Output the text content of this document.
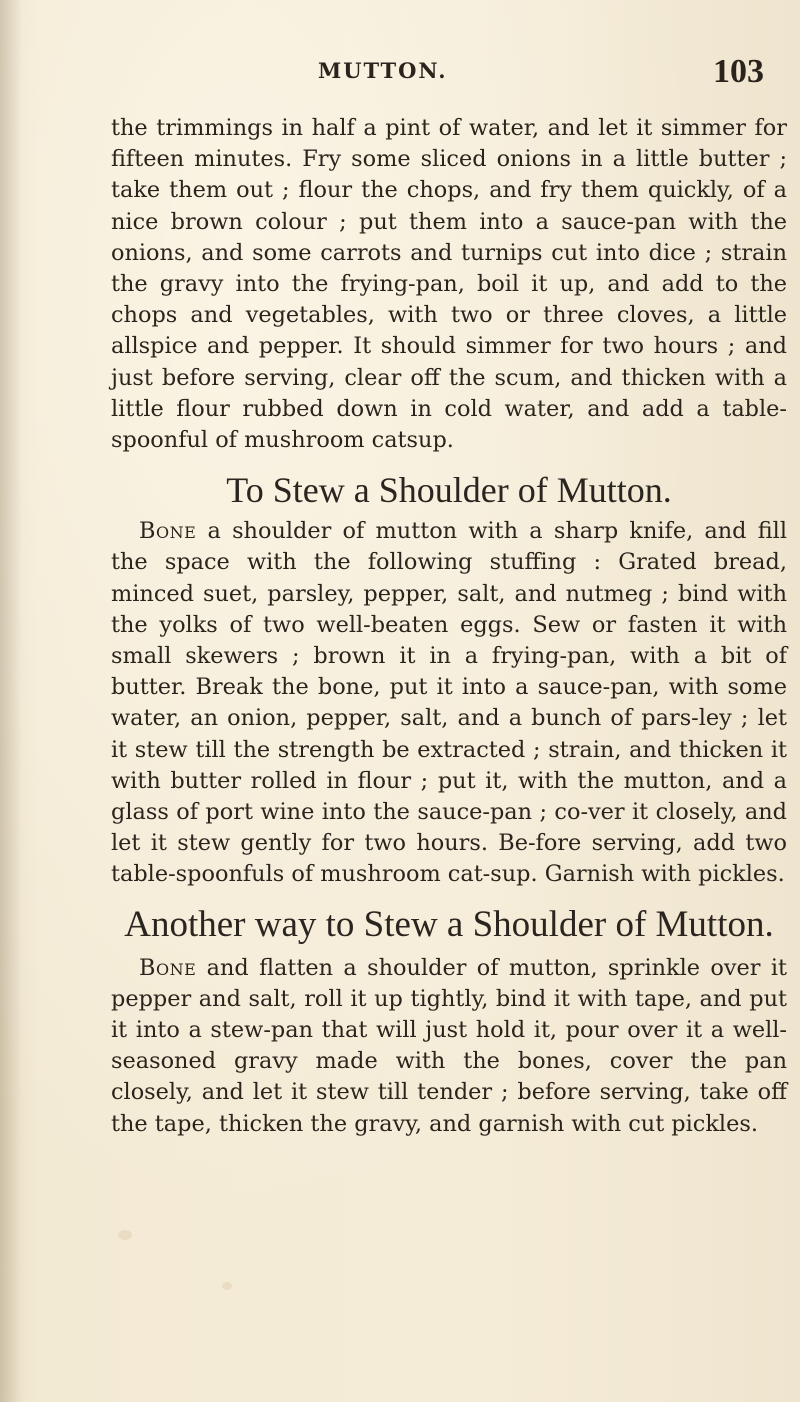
MUTTON.	103

the trimmings in half a pint of water, and let it simmer for fifteen minutes. Fry some sliced onions in a little butter ; take them out ; flour the chops, and fry them quickly, of a nice brown colour ; put them into a sauce-pan with the onions, and some carrots and turnips cut into dice ; strain the gravy into the frying-pan, boil it up, and add to the chops and vegetables, with two or three cloves, a little allspice and pepper. It should simmer for two hours ; and just before serving, clear off the scum, and thicken with a little flour rubbed down in cold water, and add a table-spoonful of mushroom catsup.

To Stew a Shoulder of Mutton.

Bone a shoulder of mutton with a sharp knife, and fill the space with the following stuffing : Grated bread, minced suet, parsley, pepper, salt, and nutmeg ; bind with the yolks of two well-beaten eggs. Sew or fasten it with small skewers ; brown it in a frying-pan, with a bit of butter. Break the bone, put it into a sauce-pan, with some water, an onion, pepper, salt, and a bunch of pars-ley ; let it stew till the strength be extracted ; strain, and thicken it with butter rolled in flour ; put it, with the mutton, and a glass of port wine into the sauce-pan ; co-ver it closely, and let it stew gently for two hours. Be-fore serving, add two table-spoonfuls of mushroom cat-sup. Garnish with pickles.

Another way to Stew a Shoulder of Mutton.

Bone and flatten a shoulder of mutton, sprinkle over it pepper and salt, roll it up tightly, bind it with tape, and put it into a stew-pan that will just hold it, pour over it a well-seasoned gravy made with the bones, cover the pan closely, and let it stew till tender ; before serving, take off the tape, thicken the gravy, and garnish with cut pickles.
